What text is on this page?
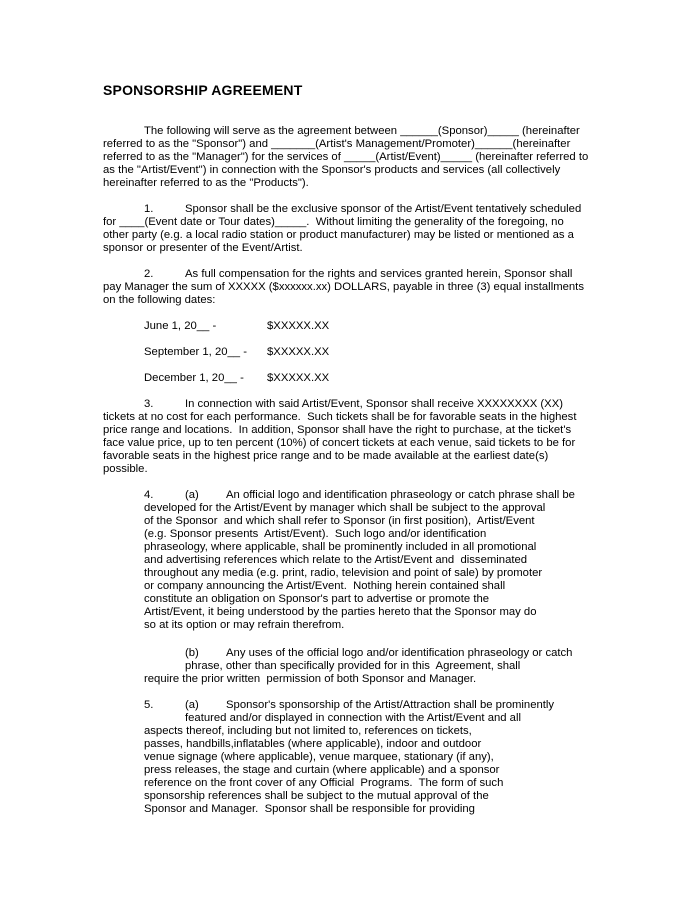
SPONSORSHIP AGREEMENT

The following will serve as the agreement between ______(Sponsor)_____ (hereinafter

referred to as the "Sponsor") and _______(Artist's Management/Promoter)______(hereinafter

referred to as the "Manager") for the services of _____(Artist/Event)_____ (hereinafter referred to

as the "Artist/Event") in connection with the Sponsor's products and services (all collectively

hereinafter referred to as the "Products").

1.	Sponsor shall be the exclusive sponsor of the Artist/Event tentatively scheduled

for ____(Event date or Tour dates)_____.  Without limiting the generality of the foregoing, no

other party (e.g. a local radio station or product manufacturer) may be listed or mentioned as a

sponsor or presenter of the Event/Artist.

2.	As full compensation for the rights and services granted herein, Sponsor shall

pay Manager the sum of XXXXX ($xxxxxx.xx) DOLLARS, payable in three (3) equal installments

on the following dates:

June 1, 20__ -	$XXXXX.XX
September 1, 20__ - $XXXXX.XX
December 1, 20__ - $XXXXX.XX
3.	In connection with said Artist/Event, Sponsor shall receive XXXXXXXX (XX)

tickets at no cost for each performance.  Such tickets shall be for favorable seats in the highest

price range and locations.  In addition, Sponsor shall have the right to purchase, at the ticket's

face value price, up to ten percent (10%) of concert tickets at each venue, said tickets to be for

favorable seats in the highest price range and to be made available at the earliest date(s)

possible.

4.	(a) An official logo and identification phraseology or catch phrase shall be

developed for the Artist/Event by manager which shall be subject to the approval

of the Sponsor  and which shall refer to Sponsor (in first position),  Artist/Event

(e.g. Sponsor presents  Artist/Event).  Such logo and/or identification

phraseology, where applicable, shall be prominently included in all promotional

and advertising references which relate to the Artist/Event and  disseminated

throughout any media (e.g. print, radio, television and point of sale) by promoter

or company announcing the Artist/Event.  Nothing herein contained shall

constitute an obligation on Sponsor's part to advertise or promote the

Artist/Event, it being understood by the parties hereto that the Sponsor may do

so at its option or may refrain therefrom.

(b) Any uses of the official logo and/or identification phraseology or catch

phrase, other than specifically provided for in this  Agreement, shall

require the prior written  permission of both Sponsor and Manager.

5.	(a) Sponsor's sponsorship of the Artist/Attraction shall be prominently

featured and/or displayed in connection with the Artist/Event and all

aspects thereof, including but not limited to, references on tickets,

passes, handbills,inflatables (where applicable), indoor and outdoor

venue signage (where applicable), venue marquee, stationary (if any),

press releases, the stage and curtain (where applicable) and a sponsor

reference on the front cover of any Official  Programs.  The form of such

sponsorship references shall be subject to the mutual approval of the

Sponsor and Manager.  Sponsor shall be responsible for providing
